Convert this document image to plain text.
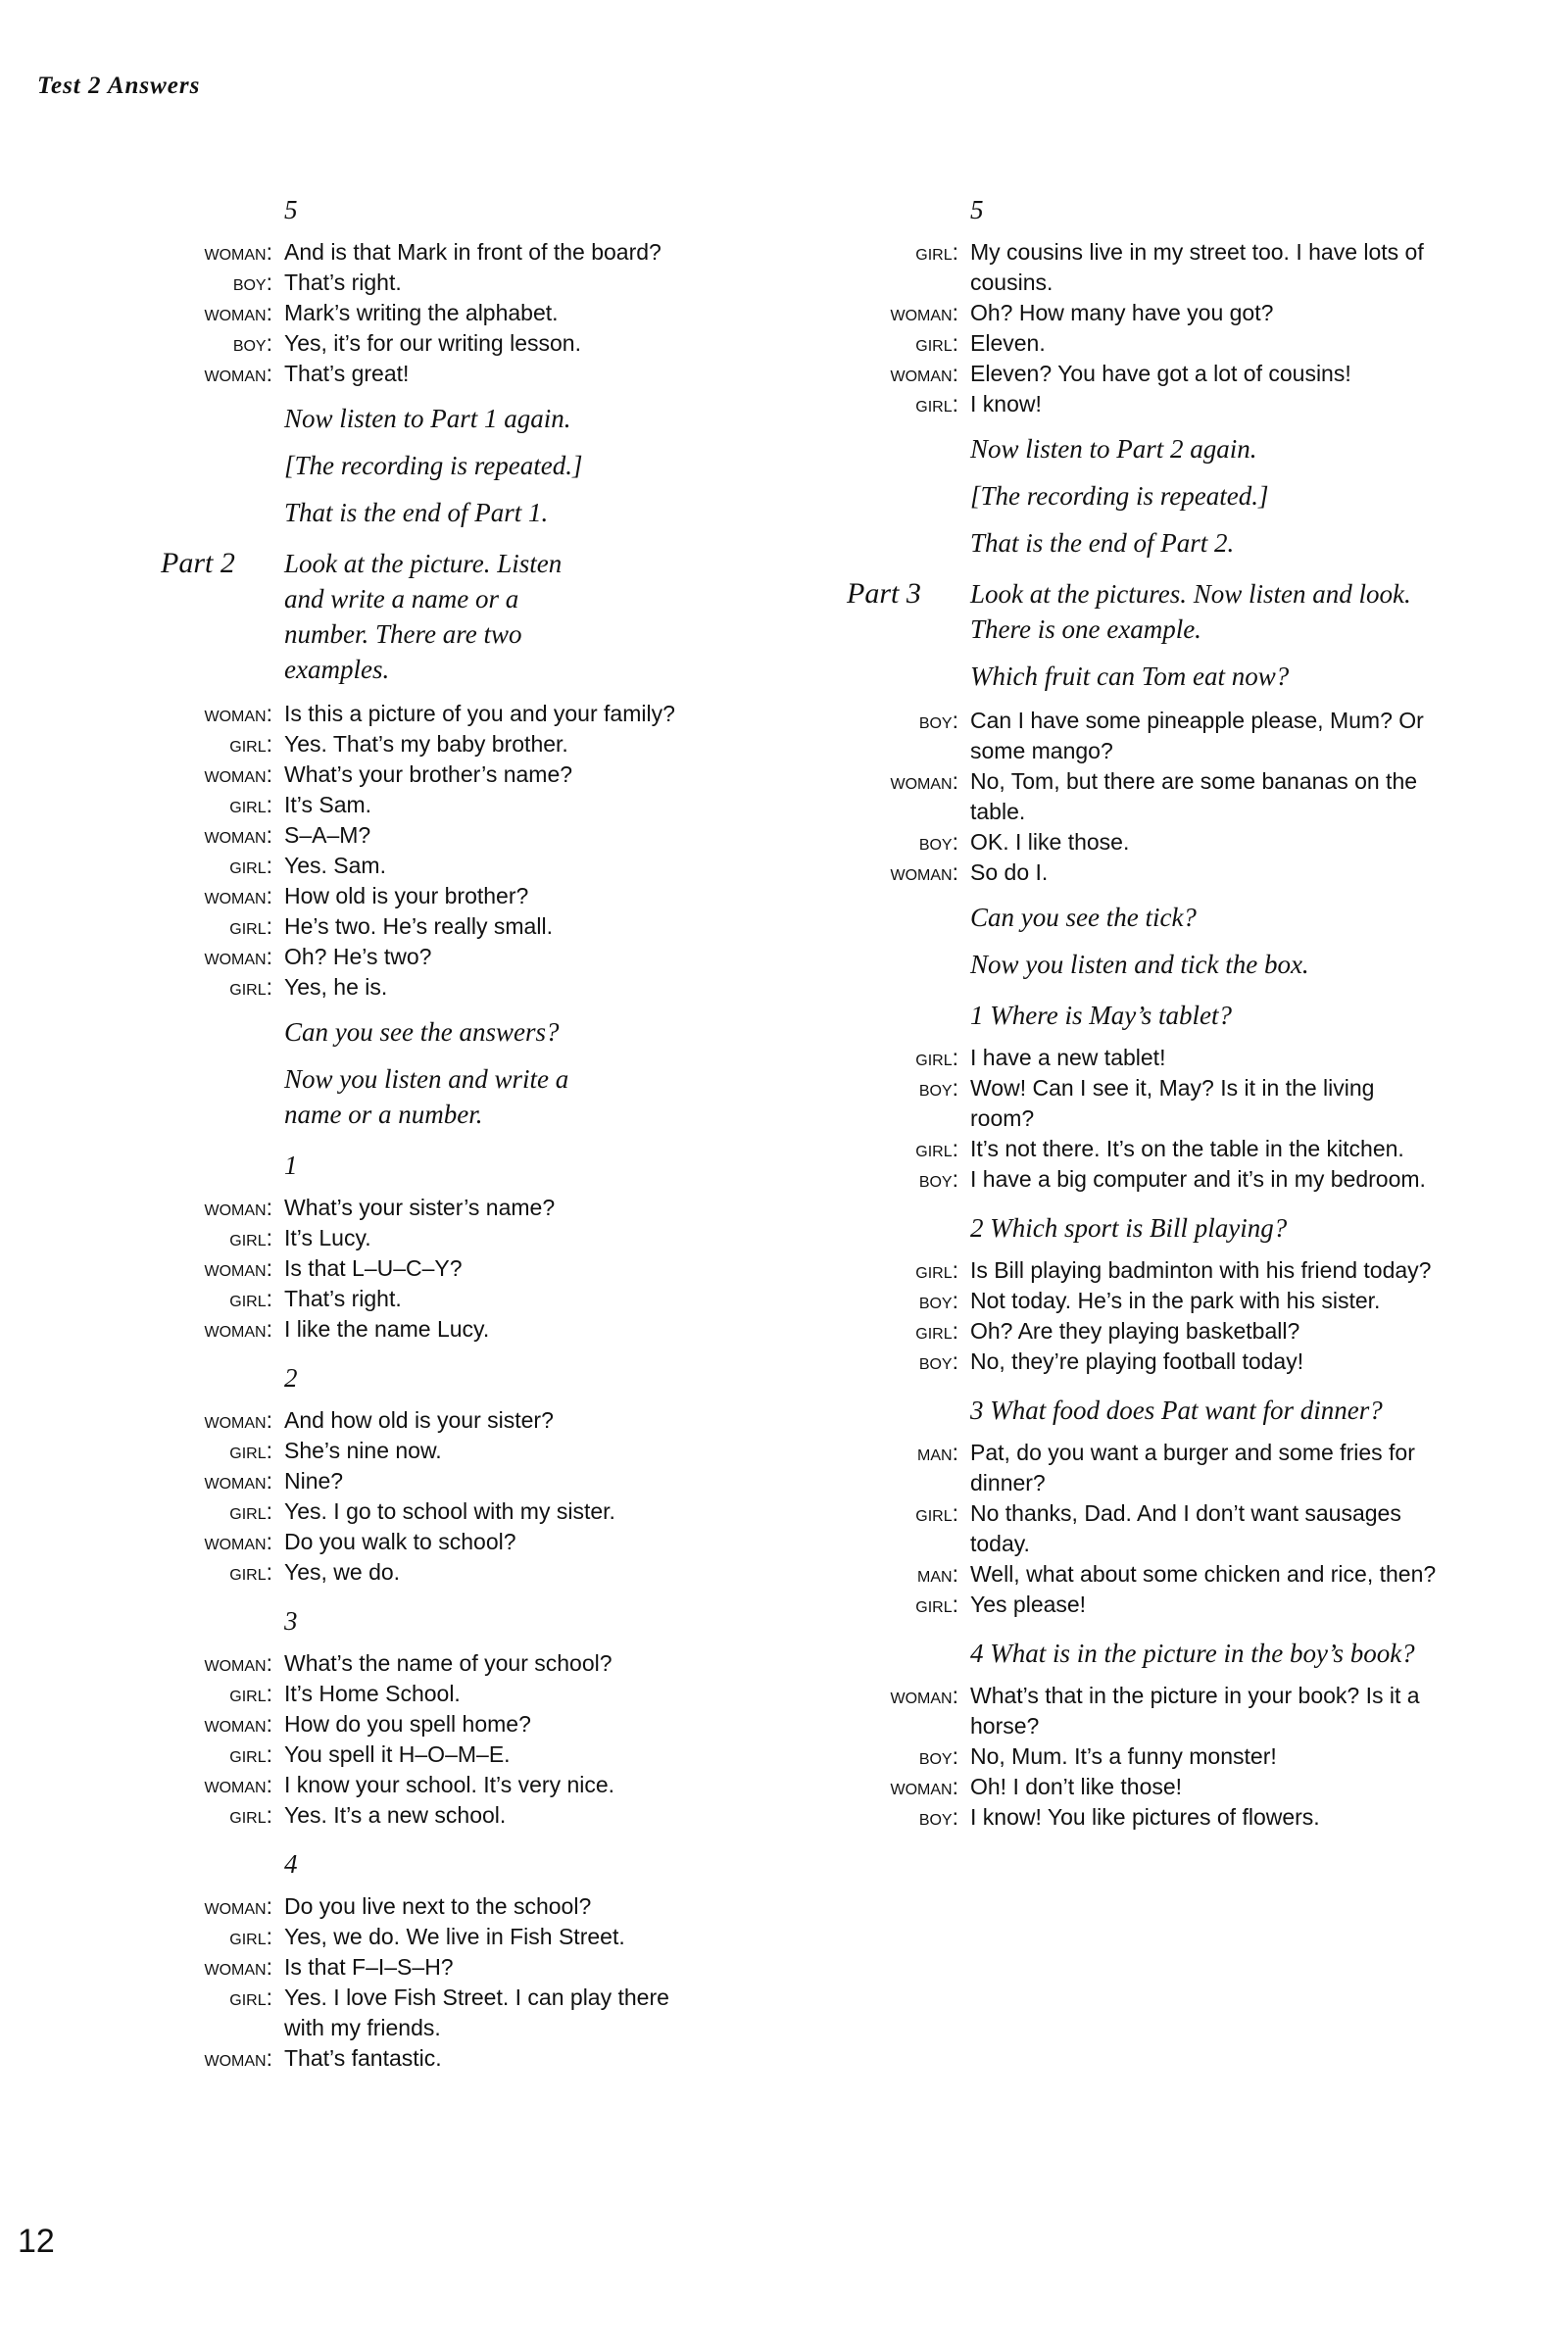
Test 2 Answers
5
woman: And is that Mark in front of the board?
boy: That’s right.
woman: Mark’s writing the alphabet.
boy: Yes, it’s for our writing lesson.
woman: That’s great!
Now listen to Part 1 again.
[The recording is repeated.]
That is the end of Part 1.
Part 2	Look at the picture. Listen and write a name or a number. There are two examples.
woman: Is this a picture of you and your family?
girl: Yes. That’s my baby brother.
woman: What’s your brother’s name?
girl: It’s Sam.
woman: S–A–M?
girl: Yes. Sam.
woman: How old is your brother?
girl: He’s two. He’s really small.
woman: Oh? He’s two?
girl: Yes, he is.
Can you see the answers?
Now you listen and write a name or a number.
1
woman: What’s your sister’s name?
girl: It’s Lucy.
woman: Is that L–U–C–Y?
girl: That’s right.
woman: I like the name Lucy.
2
woman: And how old is your sister?
girl: She’s nine now.
woman: Nine?
girl: Yes. I go to school with my sister.
woman: Do you walk to school?
girl: Yes, we do.
3
woman: What’s the name of your school?
girl: It’s Home School.
woman: How do you spell home?
girl: You spell it H–O–M–E.
woman: I know your school. It’s very nice.
girl: Yes. It’s a new school.
4
woman: Do you live next to the school?
girl: Yes, we do. We live in Fish Street.
woman: Is that F–I–S–H?
girl: Yes. I love Fish Street. I can play there with my friends.
woman: That’s fantastic.
5
girl: My cousins live in my street too. I have lots of cousins.
woman: Oh? How many have you got?
girl: Eleven.
woman: Eleven? You have got a lot of cousins!
girl: I know!
Now listen to Part 2 again.
[The recording is repeated.]
That is the end of Part 2.
Part 3	Look at the pictures. Now listen and look. There is one example.
Which fruit can Tom eat now?
boy: Can I have some pineapple please, Mum? Or some mango?
woman: No, Tom, but there are some bananas on the table.
boy: OK. I like those.
woman: So do I.
Can you see the tick?
Now you listen and tick the box.
1 Where is May’s tablet?
girl: I have a new tablet!
boy: Wow! Can I see it, May? Is it in the living room?
girl: It’s not there. It’s on the table in the kitchen.
boy: I have a big computer and it’s in my bedroom.
2 Which sport is Bill playing?
girl: Is Bill playing badminton with his friend today?
boy: Not today. He’s in the park with his sister.
girl: Oh? Are they playing basketball?
boy: No, they’re playing football today!
3 What food does Pat want for dinner?
man: Pat, do you want a burger and some fries for dinner?
girl: No thanks, Dad. And I don’t want sausages today.
man: Well, what about some chicken and rice, then?
girl: Yes please!
4 What is in the picture in the boy’s book?
woman: What’s that in the picture in your book? Is it a horse?
boy: No, Mum. It’s a funny monster!
woman: Oh! I don’t like those!
boy: I know! You like pictures of flowers.
12
